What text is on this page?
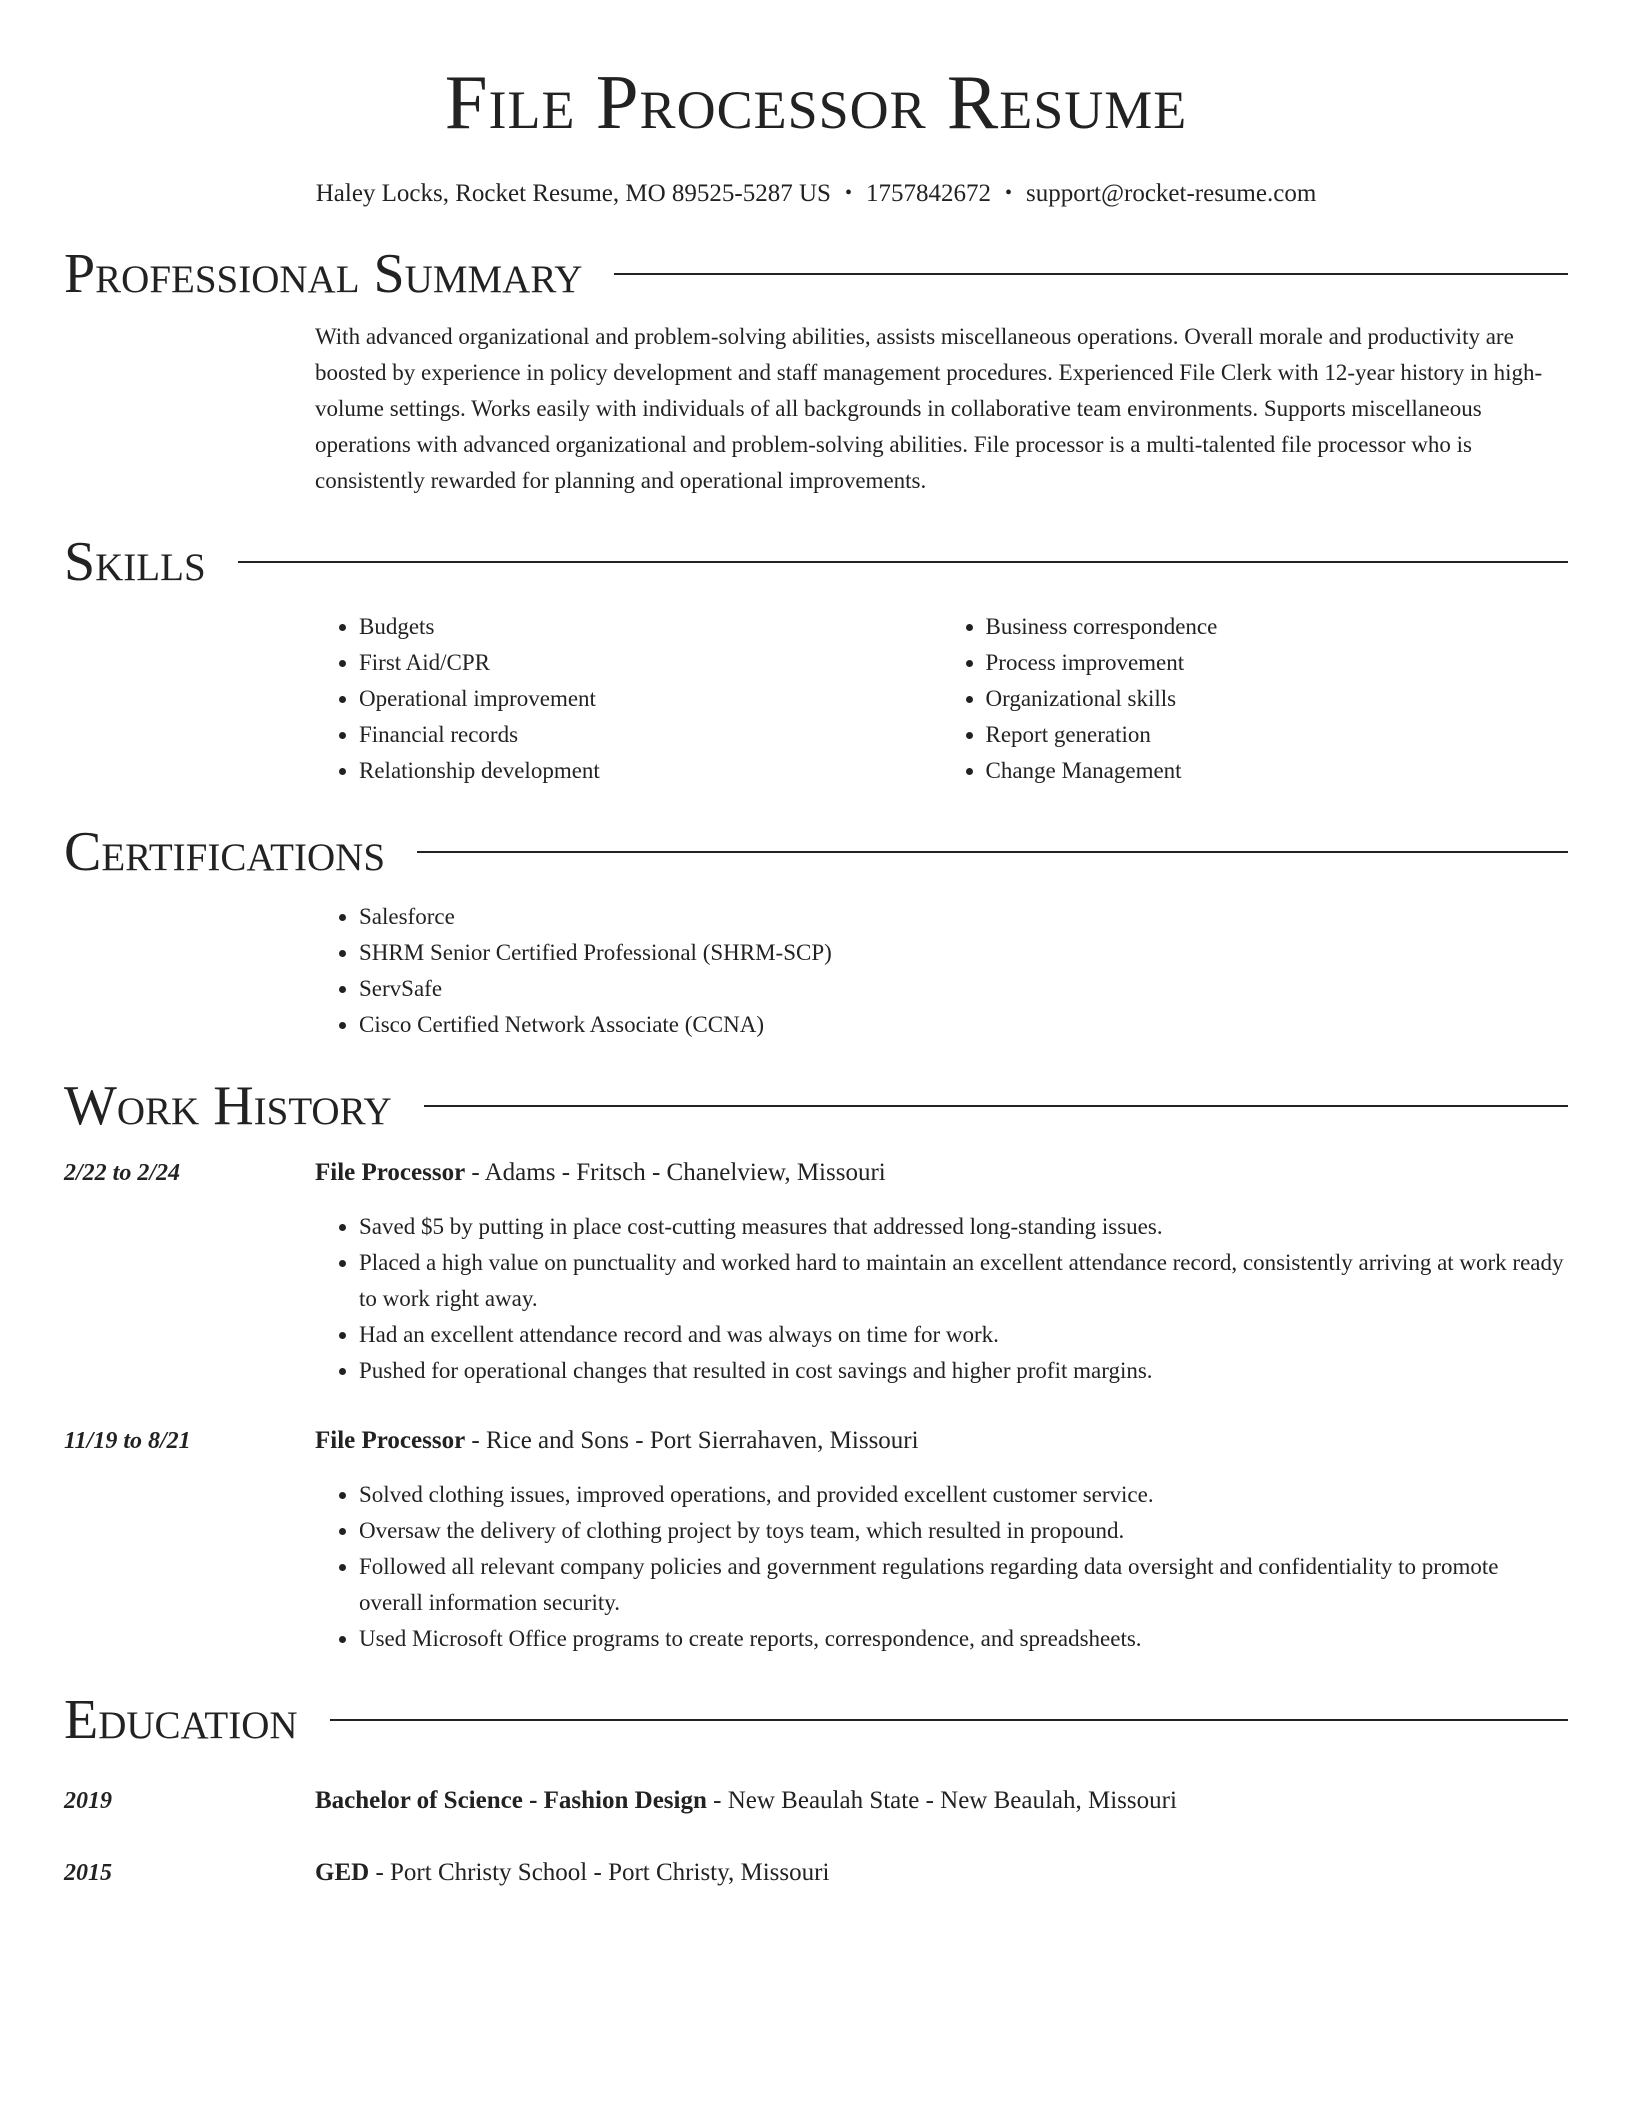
File Processor Resume
Haley Locks, Rocket Resume, MO 89525-5287 US • 1757842672 • support@rocket-resume.com
Professional Summary
With advanced organizational and problem-solving abilities, assists miscellaneous operations. Overall morale and productivity are boosted by experience in policy development and staff management procedures. Experienced File Clerk with 12-year history in high-volume settings. Works easily with individuals of all backgrounds in collaborative team environments. Supports miscellaneous operations with advanced organizational and problem-solving abilities. File processor is a multi-talented file processor who is consistently rewarded for planning and operational improvements.
Skills
• Budgets
• First Aid/CPR
• Operational improvement
• Financial records
• Relationship development
• Business correspondence
• Process improvement
• Organizational skills
• Report generation
• Change Management
Certifications
• Salesforce
• SHRM Senior Certified Professional (SHRM-SCP)
• ServSafe
• Cisco Certified Network Associate (CCNA)
Work History
2/22 to 2/24	File Processor - Adams - Fritsch - Chanelview, Missouri
• Saved $5 by putting in place cost-cutting measures that addressed long-standing issues.
• Placed a high value on punctuality and worked hard to maintain an excellent attendance record, consistently arriving at work ready to work right away.
• Had an excellent attendance record and was always on time for work.
• Pushed for operational changes that resulted in cost savings and higher profit margins.
11/19 to 8/21	File Processor - Rice and Sons - Port Sierrahaven, Missouri
• Solved clothing issues, improved operations, and provided excellent customer service.
• Oversaw the delivery of clothing project by toys team, which resulted in propound.
• Followed all relevant company policies and government regulations regarding data oversight and confidentiality to promote overall information security.
• Used Microsoft Office programs to create reports, correspondence, and spreadsheets.
Education
2019	Bachelor of Science - Fashion Design - New Beaulah State - New Beaulah, Missouri
2015	GED - Port Christy School - Port Christy, Missouri
